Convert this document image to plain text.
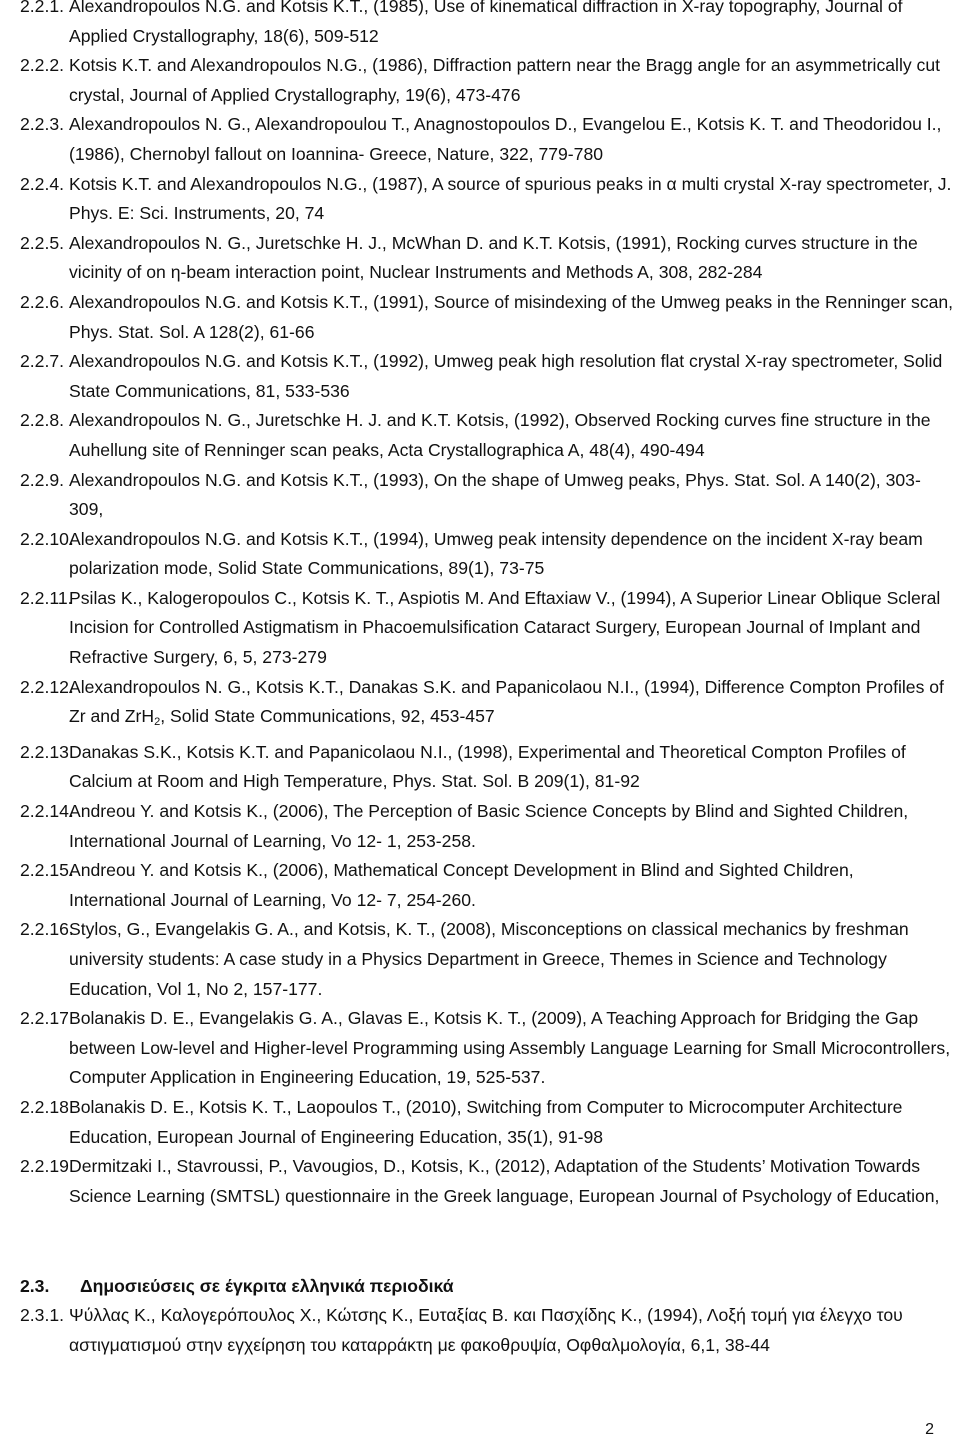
2.2.1. Alexandropoulos N.G. and Kotsis K.T., (1985), Use of kinematical diffraction in X-ray topography, Journal of Applied Crystallography, 18(6), 509-512

2.2.2. Kotsis K.T. and Alexandropoulos N.G., (1986), Diffraction pattern near the Bragg angle for an asymmetrically cut crystal, Journal of Applied Crystallography, 19(6), 473-476

2.2.3. Alexandropoulos N. G., Alexandropoulou T., Anagnostopoulos D., Evangelou E., Kotsis K. T. and Theodoridou I., (1986), Chernobyl fallout on Ioannina- Greece, Nature, 322, 779-780

2.2.4. Kotsis K.T. and Alexandropoulos N.G., (1987), A source of spurious peaks in α multi crystal X-ray spectrometer, J. Phys. E: Sci. Instruments, 20, 74

2.2.5. Alexandropoulos N. G., Juretschke H. J., McWhan D. and K.T. Kotsis, (1991), Rocking curves structure in the vicinity of on η-beam interaction point, Nuclear Instruments and Methods A, 308, 282-284

2.2.6. Alexandropoulos N.G. and Kotsis K.T., (1991), Source of misindexing of the Umweg peaks in the Renninger scan, Phys. Stat. Sol. A 128(2), 61-66

2.2.7. Alexandropoulos N.G. and Kotsis K.T., (1992), Umweg peak high resolution flat crystal X-ray spectrometer, Solid State Communications, 81, 533-536

2.2.8. Alexandropoulos N. G., Juretschke H. J. and K.T. Kotsis, (1992), Observed Rocking curves fine structure in the Auhellung site of Renninger scan peaks, Acta Crystallographica A, 48(4), 490-494

2.2.9. Alexandropoulos N.G. and Kotsis K.T., (1993), On the shape of Umweg peaks, Phys. Stat. Sol. A 140(2), 303-309,

2.2.10.
Alexandropoulos N.G. and Kotsis K.T., (1994), Umweg peak intensity dependence on the incident X-ray beam polarization mode, Solid State Communications, 89(1), 73-75

2.2.11.
Psilas K., Kalogeropoulos C., Kotsis K. T., Aspiotis M. And Eftaxiaw V., (1994), A Superior Linear Oblique Scleral Incision for Controlled Astigmatism in Phacoemulsification Cataract Surgery, European Journal of Implant and Refractive Surgery, 6, 5, 273-279

2.2.12.
Alexandropoulos N. G., Kotsis K.T., Danakas S.K. and Papanicolaou N.I., (1994), Difference Compton Profiles of Zr and ZrH$_2$, Solid State Communications, 92, 453-457

2.2.13.
Danakas S.K., Kotsis K.T. and Papanicolaou N.I., (1998), Experimental and Theoretical Compton Profiles of Calcium at Room and High Temperature, Phys. Stat. Sol. B 209(1), 81-92

2.2.14.
Andreou Y. and Kotsis K., (2006), The Perception of Basic Science Concepts by Blind and Sighted Children, International Journal of Learning, Vo 12- 1, 253-258.

2.2.15.
Andreou Y. and Kotsis K., (2006), Mathematical Concept Development in Blind and Sighted Children, International Journal of Learning, Vo 12- 7, 254-260.

2.2.16.
Stylos, G., Evangelakis G. A., and Kotsis, K. T., (2008), Misconceptions on classical mechanics by freshman university students: A case study in a Physics Department in Greece, Themes in Science and Technology Education, Vol 1, No 2, 157-177.

2.2.17.
Bolanakis D. E., Evangelakis G. A., Glavas E., Kotsis K. T., (2009), A Teaching Approach for Bridging the Gap between Low-level and Higher-level Programming using Assembly Language Learning for Small Microcontrollers, Computer Application in Engineering Education, 19, 525-537.

2.2.18.
Bolanakis D. E., Kotsis K. T., Laopoulos T., (2010), Switching from Computer to Microcomputer Architecture Education, European Journal of Engineering Education, 35(1), 91-98

2.2.19.
Dermitzaki I., Stavroussi, P., Vavougios, D., Kotsis, K., (2012), Adaptation of the Students’ Motivation Towards Science Learning (SMTSL) questionnaire in the Greek language, European Journal of Psychology of Education,

2.3. Δημοσιεύσεις σε έγκριτα ελληνικά περιοδικά

2.3.1. Ψύλλας Κ., Καλογερόπουλος Χ., Κώτσης Κ., Ευταξίας Β. και Πασχίδης Κ., (1994), Λοξή τομή για έλεγχο του αστιγματισμού στην εγχείρηση του καταρράκτη με φακοθρυψία, Οφθαλμολογία, 6,1, 38-44

2
